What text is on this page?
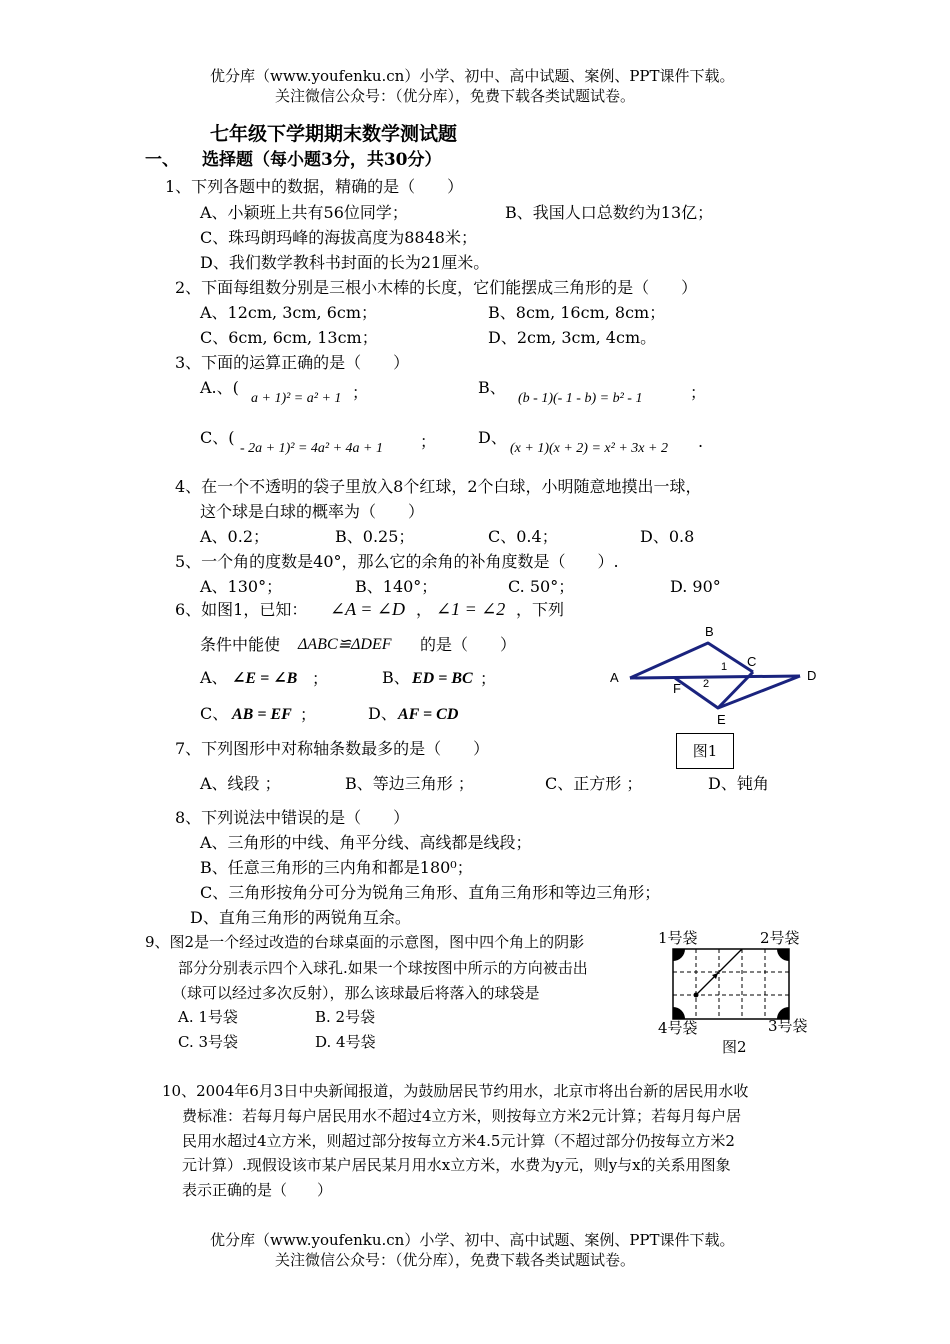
优分库（www.youfenku.cn）小学、初中、高中试题、案例、PPT课件下载。
关注微信公众号：（优分库），免费下载各类试题试卷。
七年级下学期期末数学测试题
一、 选择题（每小题3分，共30分）
1、下列各题中的数据，精确的是（　　）
A、小颖班上共有56位同学；	B、我国人口总数约为13亿；
C、珠玛朗玛峰的海拔高度为8848米；
D、我们数学教科书封面的长为21厘米。
2、下面每组数分别是三根小木棒的长度，它们能摆成三角形的是（　　）
A、12cm, 3cm, 6cm；	B、8cm, 16cm, 8cm；
C、6cm, 6cm, 13cm；	D、2cm, 3cm, 4cm。
3、下面的运算正确的是（　　）
A.、(
a + 1)² = a² + 1 ；	B、
(b - 1)(- 1 - b) = b² - 1	；
C、(
- 2a + 1)² = 4a² + 4a + 1 ；	D、
(x + 1)(x + 2) = x² + 3x + 2 .
4、在一个不透明的袋子里放入8个红球，2个白球，小明随意地摸出一球，
这个球是白球的概率为（　　）
A、0.2；	B、0.25；	C、0.4；	D、0.8
5、一个角的度数是40°，那么它的余角的补角度数是（　　）.
A、130°；	B、140°；	C. 50°；	D. 90°
6、如图1，已知： ∠A = ∠D ， ∠1 = ∠2 ，下列
条件中能使 ΔABC≌ΔDEF 的是（　　）
A、 ∠E = ∠B ；	B、 ED = BC ；
C、 AB = EF ；	D、 AF = CD
A
B
C
D
E
F
1
2
图1
7、下列图形中对称轴条数最多的是（　　）
A、线段 ；	B、等边三角形 ；	C、正方形 ；	D、钝角
8、下列说法中错误的是（　　）
A、三角形的中线、角平分线、高线都是线段；
B、任意三角形的三内角和都是180⁰；
C、三角形按角分可分为锐角三角形、直角三角形和等边三角形；
D、直角三角形的两锐角互余。
9、图2是一个经过改造的台球桌面的示意图，图中四个角上的阴影
部分分别表示四个入球孔.如果一个球按图中所示的方向被击出
（球可以经过多次反射），那么该球最后将落入的球袋是
A. 1号袋	B. 2号袋
C. 3号袋	D. 4号袋
1号袋	2号袋
4号袋	3号袋
图2
10、2004年6月3日中央新闻报道，为鼓励居民节约用水，北京市将出台新的居民用水收
费标准：若每月每户居民用水不超过4立方米，则按每立方米2元计算；若每月每户居
民用水超过4立方米，则超过部分按每立方米4.5元计算（不超过部分仍按每立方米2
元计算）.现假设该市某户居民某月用水x立方米，水费为y元，则y与x的关系用图象
表示正确的是（　　）
优分库（www.youfenku.cn）小学、初中、高中试题、案例、PPT课件下载。
关注微信公众号：（优分库），免费下载各类试题试卷。
